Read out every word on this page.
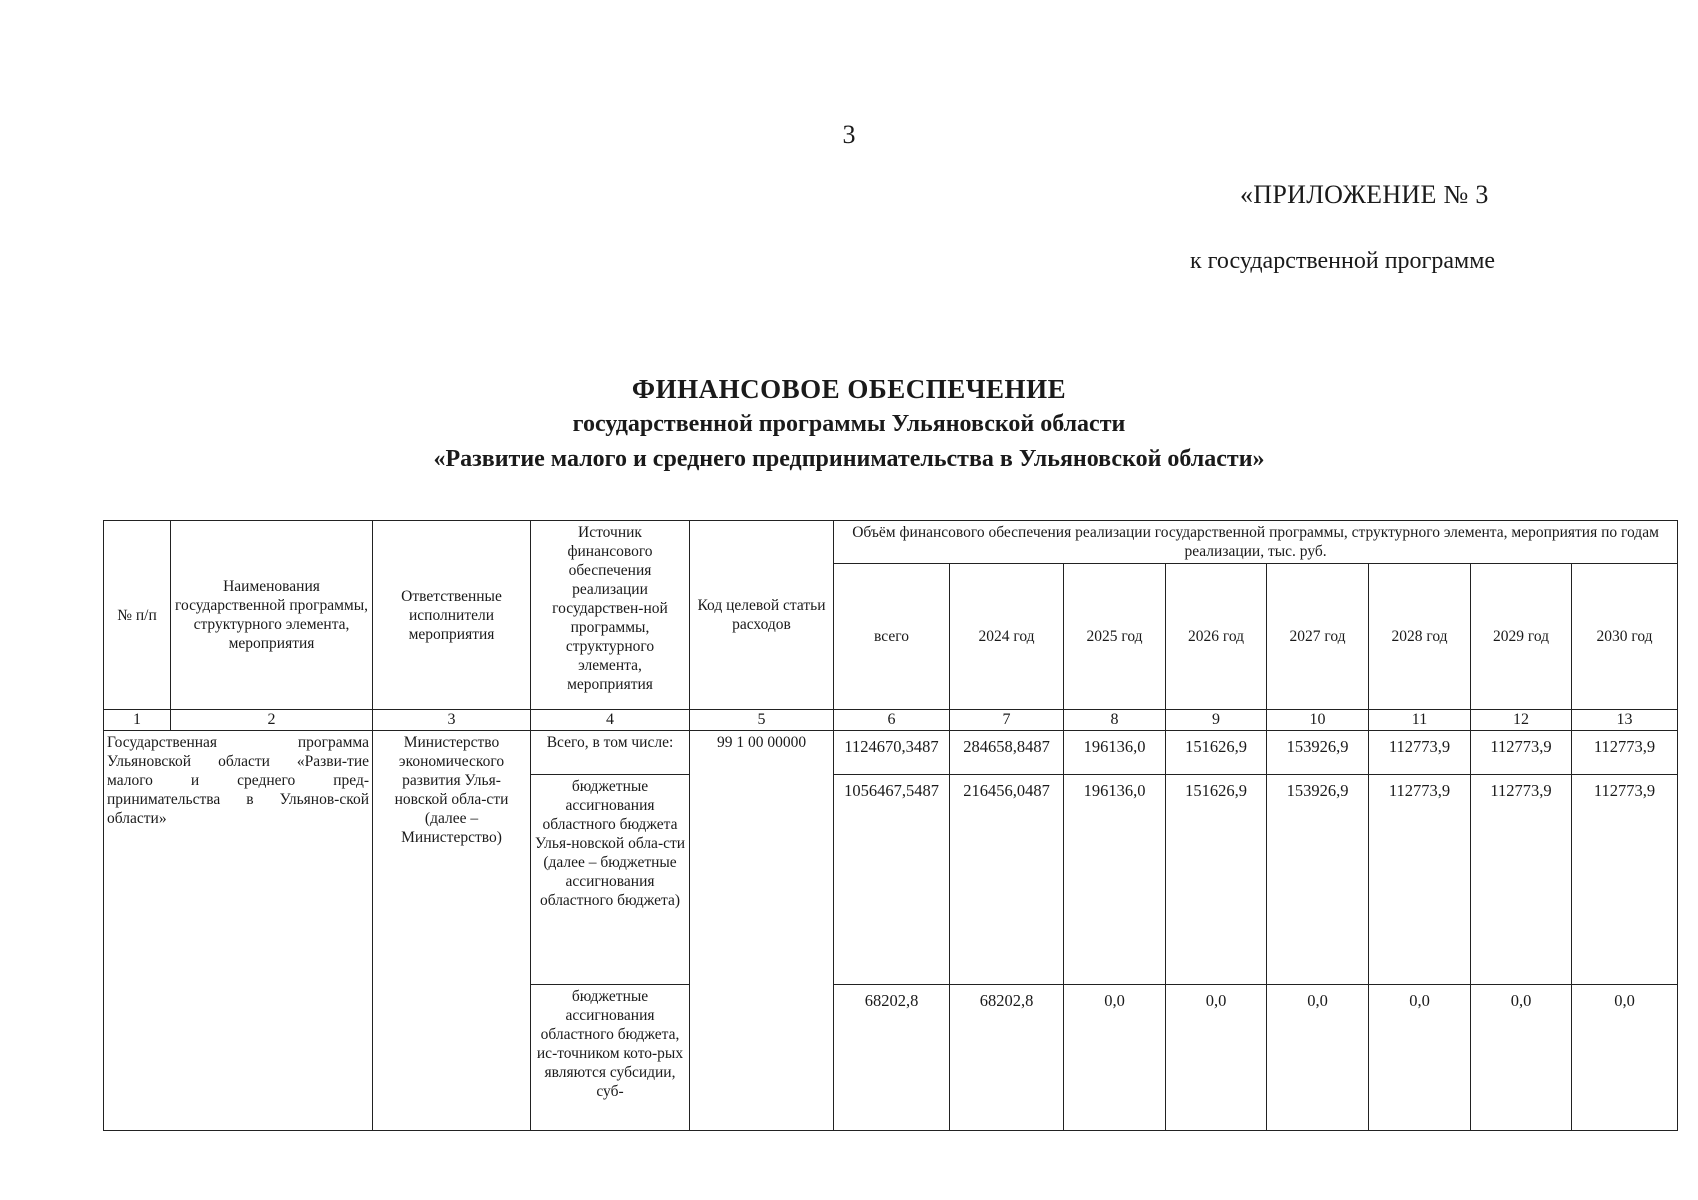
3
«ПРИЛОЖЕНИЕ № 3
к государственной программе
ФИНАНСОВОЕ ОБЕСПЕЧЕНИЕ
государственной программы Ульяновской области
«Развитие малого и среднего предпринимательства в Ульяновской области»
№ п/п	Наименования государственной программы, структурного элемента, мероприятия	Ответственные исполнители мероприятия	Источник финансового обеспечения реализации государствен-ной программы, структурного элемента, мероприятия	Код целевой статьи расходов	Объём финансового обеспечения реализации государственной программы, структурного элемента, мероприятия по годам реализации, тыс. руб.							
					всего	2024 год	2025 год	2026 год	2027 год	2028 год	2029 год	2030 год
1	2	3	4	5	6	7	8	9	10	11	12	13
Государственная программа Ульяновской области «Разви-тие малого и среднего пред-принимательства в Ульянов-ской области»		Министерство экономического развития Улья-новской обла-сти (далее – Министерство)	Всего, в том числе:	99 1 00 00000	1124670,3487	284658,8487	196136,0	151626,9	153926,9	112773,9	112773,9	112773,9
			бюджетные ассигнования областного бюджета Улья-новской обла-сти (далее – бюджетные ассигнования областного бюджета)		1056467,5487	216456,0487	196136,0	151626,9	153926,9	112773,9	112773,9	112773,9
			бюджетные ассигнования областного бюджета, ис-точником кото-рых являются субсидии, суб-		68202,8	68202,8	0,0	0,0	0,0	0,0	0,0	0,0
